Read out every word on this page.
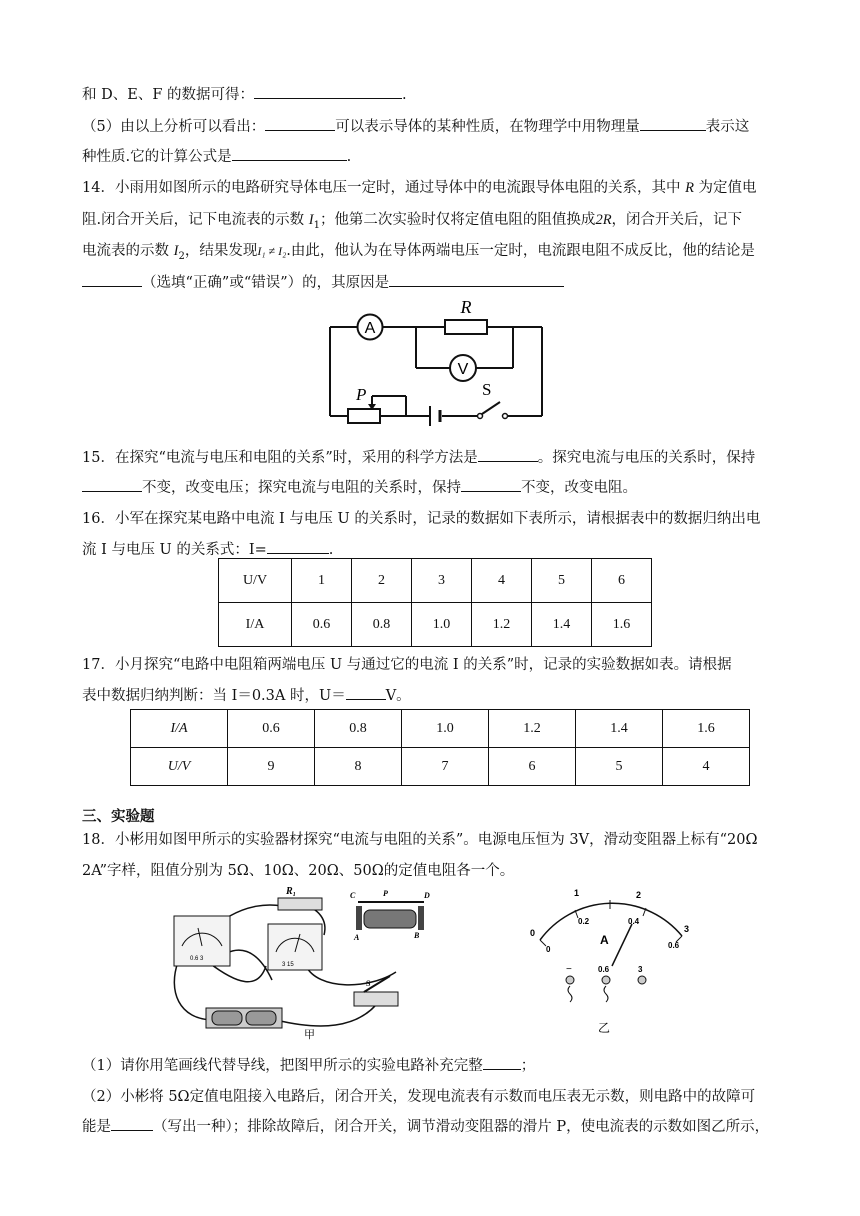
和 D、E、F 的数据可得：	.
（5）由以上分析可以看出：	可以表示导体的某种性质，在物理学中用物理量	表示这
种性质.它的计算公式是	.
14．小雨用如图所示的电路研究导体电压一定时，通过导体中的电流跟导体电阻的关系，其中 R 为定值电
阻.闭合开关后，记下电流表的示数 $I_1$；他第二次实验时仅将定值电阻的阻值换成2R，闭合开关后，记下
电流表的示数 $I_2$，结果发现I₁ ≠ I₂.由此，他认为在导体两端电压一定时，电流跟电阻不成反比，他的结论是
（选填“正确”或“错误”）的，其原因是
A
R
V
P	S
15．在探究“电流与电压和电阻的关系”时，采用的科学方法是	。探究电流与电压的关系时，保持
不变，改变电压；探究电流与电阻的关系时，保持	不变，改变电阻。
16．小军在探究某电路中电流 I 与电压 U 的关系时，记录的数据如下表所示，请根据表中的数据归纳出电
流 I 与电压 U 的关系式：I=	.
U/V	1	2	3	4	5	6
I/A	0.6	0.8	1.0	1.2	1.4	1.6
17．小月探究“电路中电阻箱两端电压 U 与通过它的电流 I 的关系”时，记录的实验数据如表。请根据
表中数据归纳判断：当 I＝0.3A 时，U＝	V。
I/A	0.6	0.8	1.0	1.2	1.4	1.6
U/V	9	8	7	6	5	4
三、实验题
18．小彬用如图甲所示的实验器材探究“电流与电阻的关系”。电源电压恒为 3V，滑动变阻器上标有“20Ω
2A”字样，阻值分别为 5Ω、10Ω、20Ω、50Ω的定值电阻各一个。
R₁
0.6 3
3 15
C	P	D
A	B
S
甲
1	2
0	3
0
0.2	0.4
0.6
A
−	0.6	3
乙
（1）请你用笔画线代替导线，把图甲所示的实验电路补充完整	；
（2）小彬将 5Ω定值电阻接入电路后，闭合开关，发现电流表有示数而电压表无示数，则电路中的故障可
能是	（写出一种）；排除故障后，闭合开关，调节滑动变阻器的滑片 P，使电流表的示数如图乙所示，
